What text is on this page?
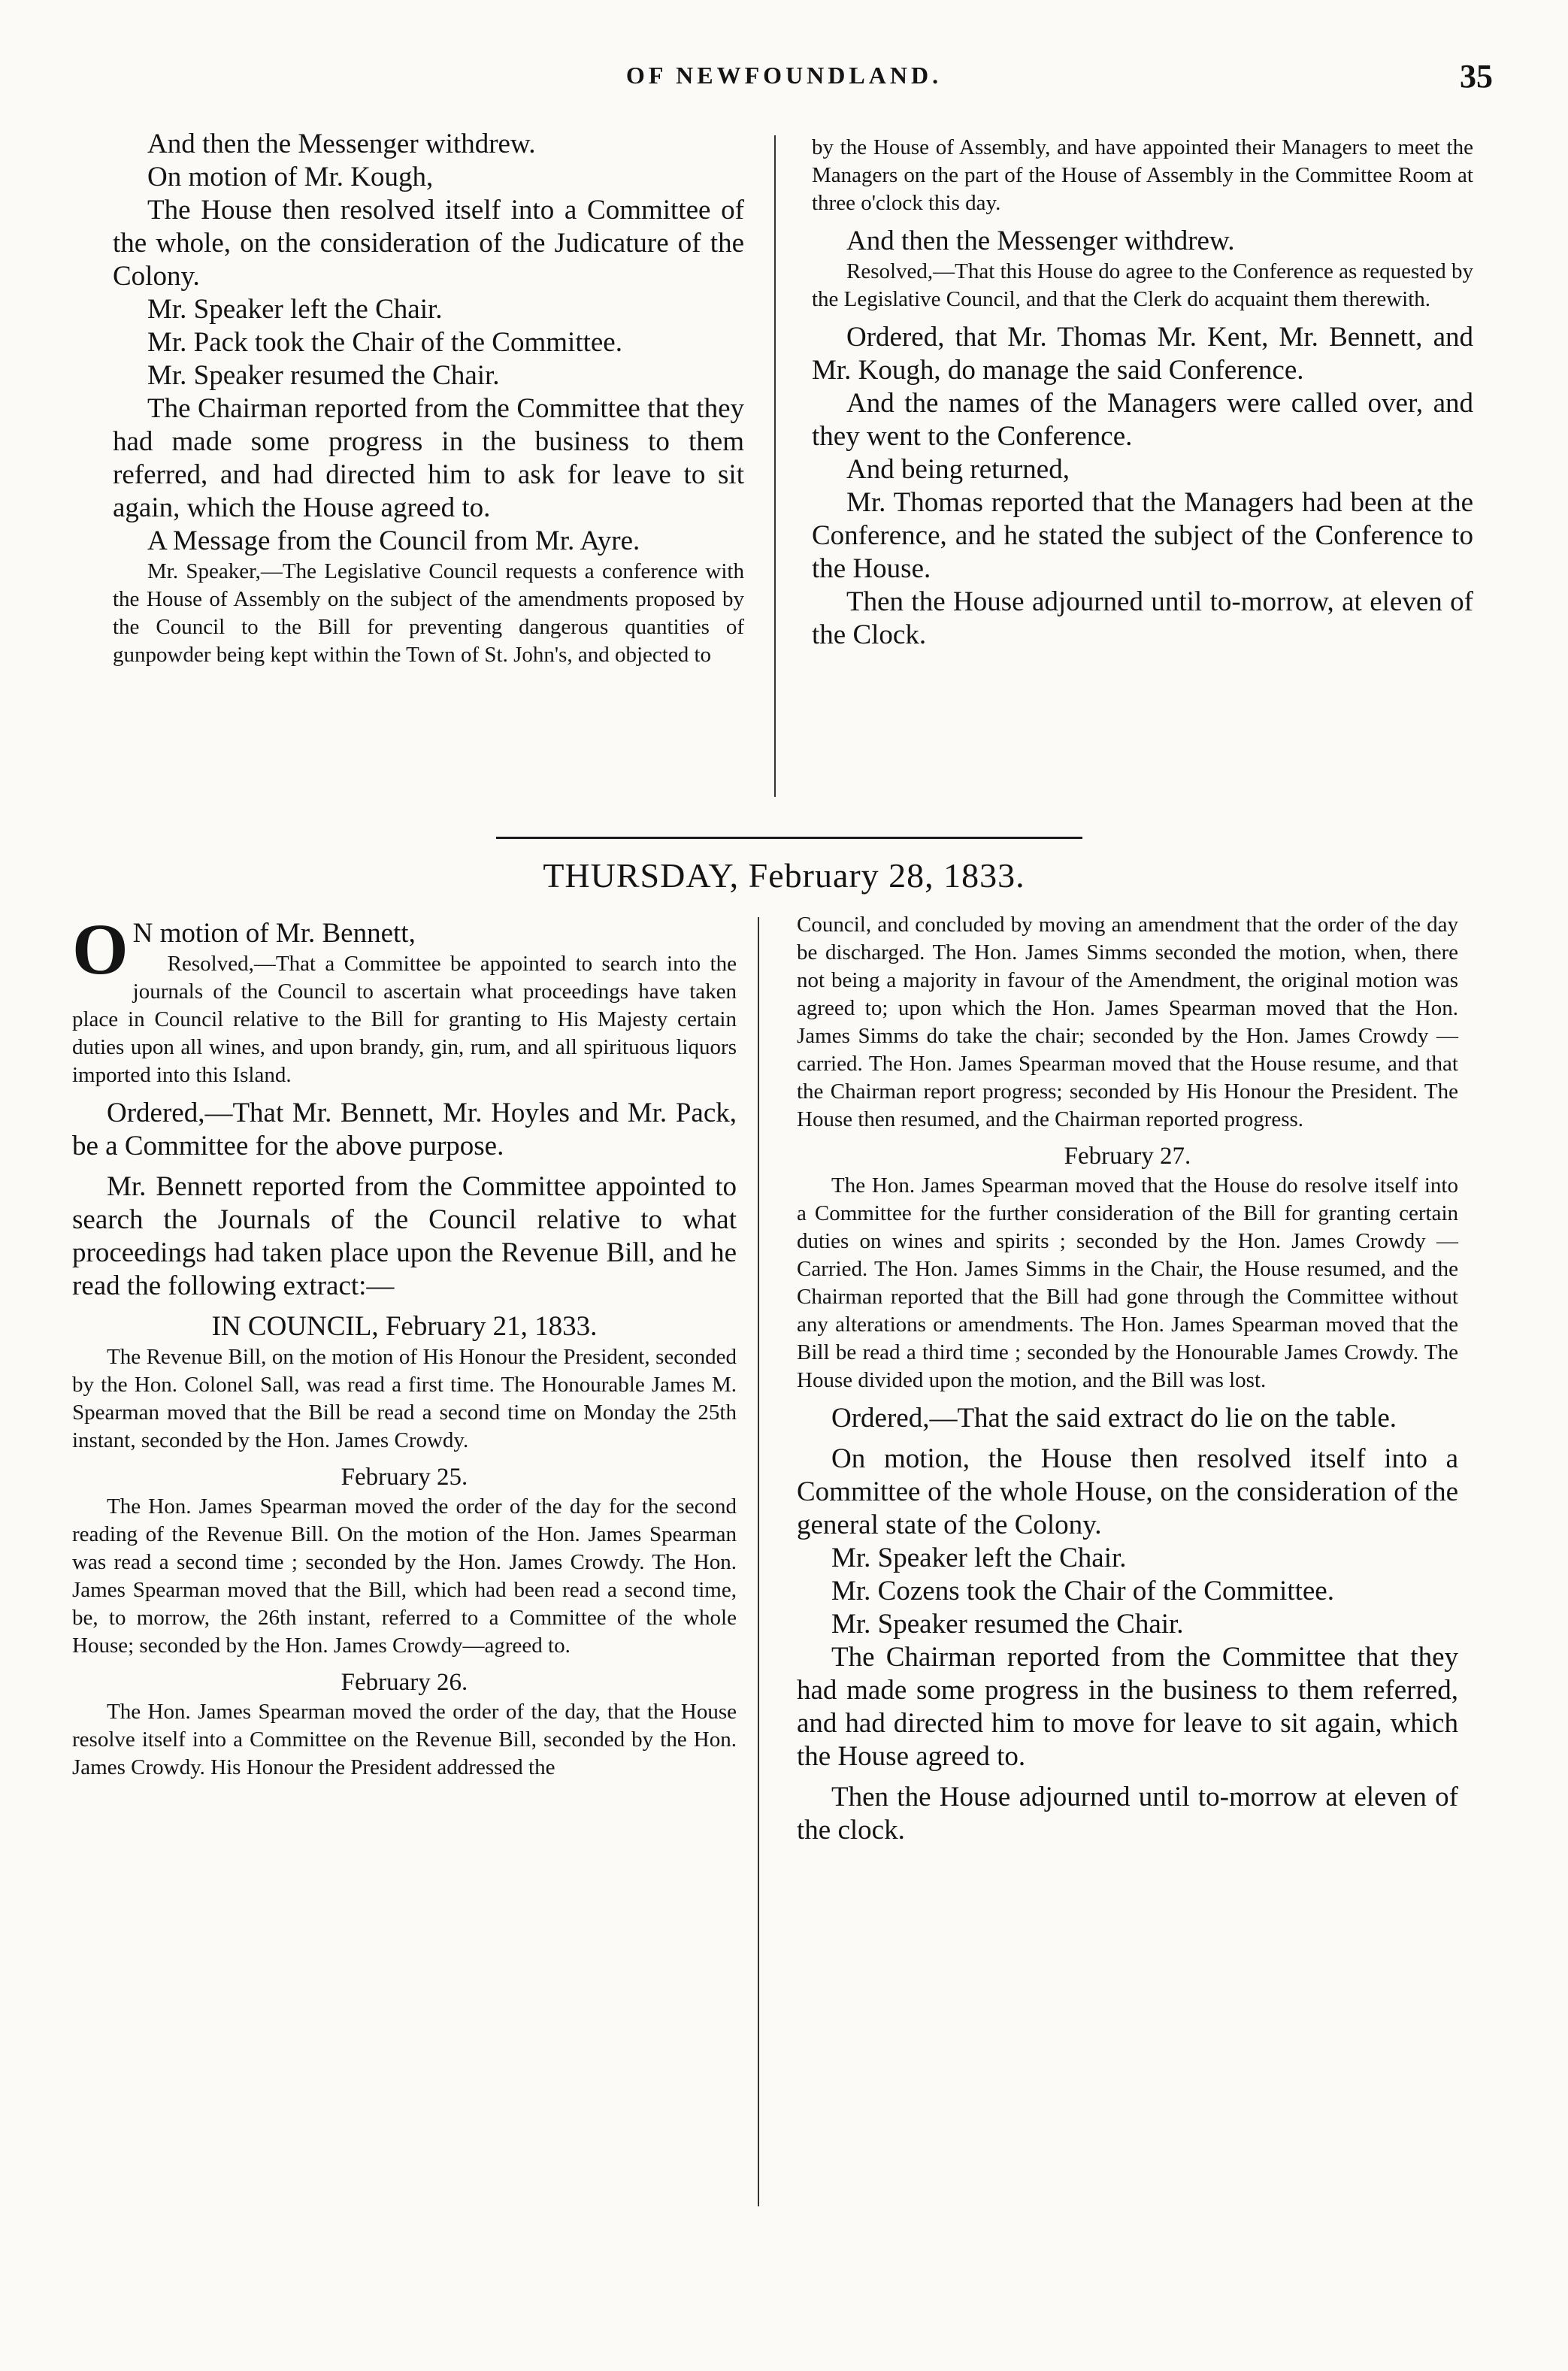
OF NEWFOUNDLAND.	35

And then the Messenger withdrew.

On motion of Mr. Kough,

The House then resolved itself into a Committee of the whole, on the consideration of the Judicature of the Colony.

Mr. Speaker left the Chair.

Mr. Pack took the Chair of the Committee.

Mr. Speaker resumed the Chair.

The Chairman reported from the Committee that they had made some progress in the business to them referred, and had directed him to ask for leave to sit again, which the House agreed to.

A Message from the Council from Mr. Ayre.

Mr. Speaker,—The Legislative Council requests a conference with the House of Assembly on the subject of the amendments proposed by the Council to the Bill for preventing dangerous quantities of gunpowder being kept within the Town of St. John's, and objected to

by the House of Assembly, and have appointed their Managers to meet the Managers on the part of the House of Assembly in the Committee Room at three o'clock this day.

And then the Messenger withdrew.

Resolved,—That this House do agree to the Conference as requested by the Legislative Council, and that the Clerk do acquaint them therewith.

Ordered, that Mr. Thomas Mr. Kent, Mr. Bennett, and Mr. Kough, do manage the said Conference.

And the names of the Managers were called over, and they went to the Conference.

And being returned,

Mr. Thomas reported that the Managers had been at the Conference, and he stated the subject of the Conference to the House.

Then the House adjourned until to-morrow, at eleven of the Clock.

THURSDAY, February 28, 1833.

O N motion of Mr. Bennett,

Resolved,—That a Committee be appointed to search into the journals of the Council to ascertain what proceedings have taken place in Council relative to the Bill for granting to His Majesty certain duties upon all wines, and upon brandy, gin, rum, and all spirituous liquors imported into this Island.

Ordered,—That Mr. Bennett, Mr. Hoyles and Mr. Pack, be a Committee for the above purpose.

Mr. Bennett reported from the Committee appointed to search the Journals of the Council relative to what proceedings had taken place upon the Revenue Bill, and he read the following extract:—

IN COUNCIL, February 21, 1833.

The Revenue Bill, on the motion of His Honour the President, seconded by the Hon. Colonel Sall, was read a first time. The Honourable James M. Spearman moved that the Bill be read a second time on Monday the 25th instant, seconded by the Hon. James Crowdy.

February 25.

The Hon. James Spearman moved the order of the day for the second reading of the Revenue Bill. On the motion of the Hon. James Spearman was read a second time ; seconded by the Hon. James Crowdy. The Hon. James Spearman moved that the Bill, which had been read a second time, be, to morrow, the 26th instant, referred to a Committee of the whole House; seconded by the Hon. James Crowdy—agreed to.

February 26.

The Hon. James Spearman moved the order of the day, that the House resolve itself into a Committee on the Revenue Bill, seconded by the Hon. James Crowdy. His Honour the President addressed the

Council, and concluded by moving an amendment that the order of the day be discharged. The Hon. James Simms seconded the motion, when, there not being a majority in favour of the Amendment, the original motion was agreed to; upon which the Hon. James Spearman moved that the Hon. James Simms do take the chair; seconded by the Hon. James Crowdy — carried. The Hon. James Spearman moved that the House resume, and that the Chairman report progress; seconded by His Honour the President. The House then resumed, and the Chairman reported progress.

February 27.

The Hon. James Spearman moved that the House do resolve itself into a Committee for the further consideration of the Bill for granting certain duties on wines and spirits ; seconded by the Hon. James Crowdy — Carried. The Hon. James Simms in the Chair, the House resumed, and the Chairman reported that the Bill had gone through the Committee without any alterations or amendments. The Hon. James Spearman moved that the Bill be read a third time ; seconded by the Honourable James Crowdy. The House divided upon the motion, and the Bill was lost.

Ordered,—That the said extract do lie on the table.

On motion, the House then resolved itself into a Committee of the whole House, on the consideration of the general state of the Colony.

Mr. Speaker left the Chair.

Mr. Cozens took the Chair of the Committee.

Mr. Speaker resumed the Chair.

The Chairman reported from the Committee that they had made some progress in the business to them referred, and had directed him to move for leave to sit again, which the House agreed to.

Then the House adjourned until to-morrow at eleven of the clock.
